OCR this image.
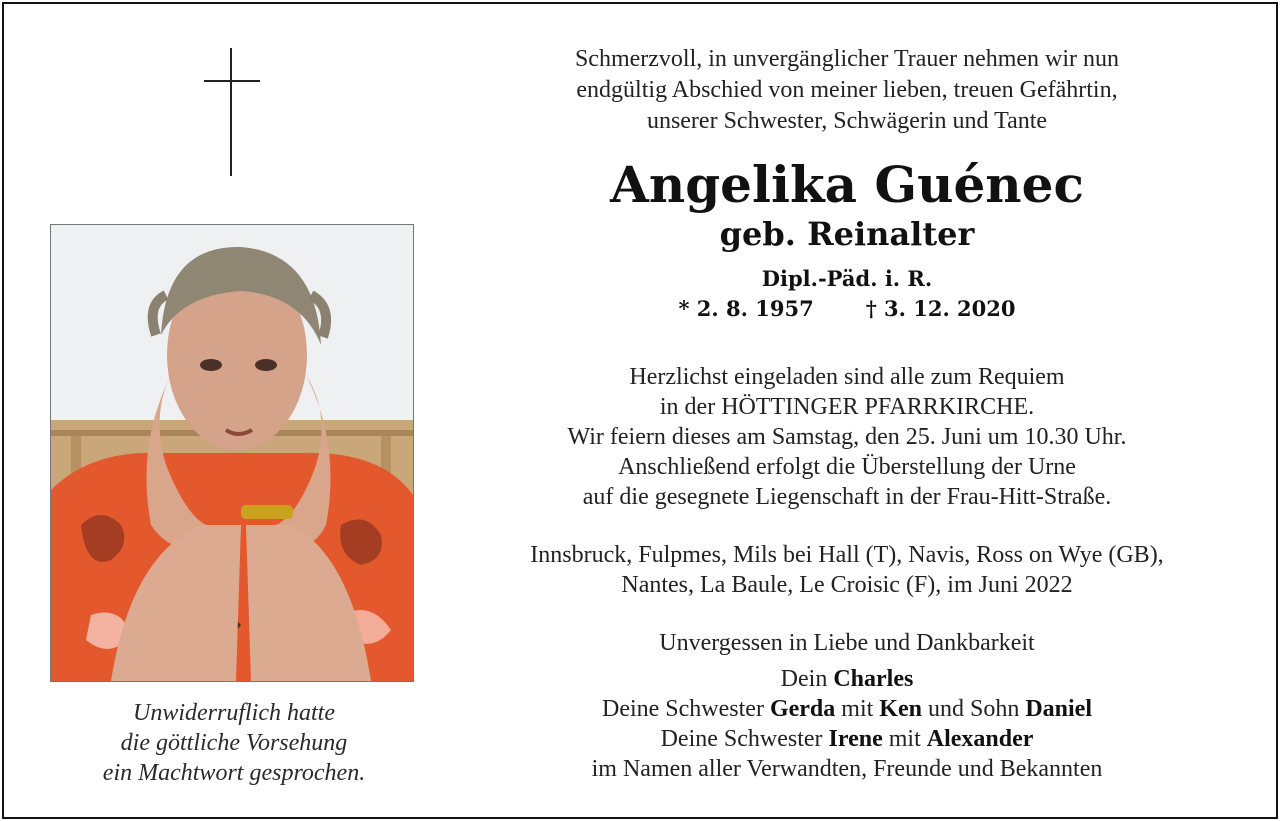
Unwiderruflich hatte
die göttliche Vorsehung
ein Machtwort gesprochen.
Schmerzvoll, in unvergänglicher Trauer nehmen wir nun
endgültig Abschied von meiner lieben, treuen Gefährtin,
unserer Schwester, Schwägerin und Tante
Angelika Guénec
geb. Reinalter
Dipl.-Päd. i. R.
* 2. 8. 1957 † 3. 12. 2020
Herzlichst eingeladen sind alle zum Requiem
in der HÖTTINGER PFARRKIRCHE.
Wir feiern dieses am Samstag, den 25. Juni um 10.30 Uhr.
Anschließend erfolgt die Überstellung der Urne
auf die gesegnete Liegenschaft in der Frau-Hitt-Straße.
Innsbruck, Fulpmes, Mils bei Hall (T), Navis, Ross on Wye (GB),
Nantes, La Baule, Le Croisic (F), im Juni 2022
Unvergessen in Liebe und Dankbarkeit
Dein Charles
Deine Schwester Gerda mit Ken und Sohn Daniel
Deine Schwester Irene mit Alexander
im Namen aller Verwandten, Freunde und Bekannten
